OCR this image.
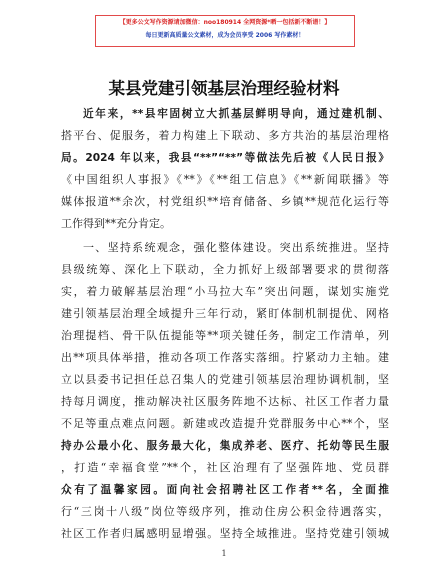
【更多公文写作资源请加微信：noo180914 全网资源*晒一包括新不断谱！】
每日更新高质量公文素材，成为会员享受 2006 写作素材！
某县党建引领基层治理经验材料
近年来，**县牢固树立大抓基层鲜明导向，通过建机制、
搭平台、促服务，着力构建上下联动、多方共治的基层治理格
局。2024 年以来，我县“**”“**”等做法先后被《人民日报》
《中国组织人事报》《**》《**组工信息》《**新闻联播》等
媒体报道**余次，村党组织**培育储备、乡镇**规范化运行等
工作得到**充分肯定。
一、坚持系统观念，强化整体建设。突出系统推进。坚持
县级统筹、深化上下联动，全力抓好上级部署要求的贯彻落
实，着力破解基层治理“小马拉大车”突出问题，谋划实施党
建引领基层治理全域提升三年行动，紧盯体制机制提优、网格
治理提档、骨干队伍提能等**项关键任务，制定工作清单，列
出**项具体举措，推动各项工作落实落细。拧紧动力主轴。建
立以县委书记担任总召集人的党建引领基层治理协调机制，坚
持每月调度，推动解决社区服务阵地不达标、社区工作者力量
不足等重点难点问题。新建或改造提升党群服务中心**个，坚
持办公最小化、服务最大化，集成养老、医疗、托幼等民生服
，打造“幸福食堂”**个，社区治理有了坚强阵地、党员群
众有了温馨家园。面向社会招聘社区工作者**名，全面推
行“三岗十八级”岗位等级序列，推动住房公积金待遇落实，
社区工作者归属感明显增强。坚持全域推进。坚持党建引领城
1
